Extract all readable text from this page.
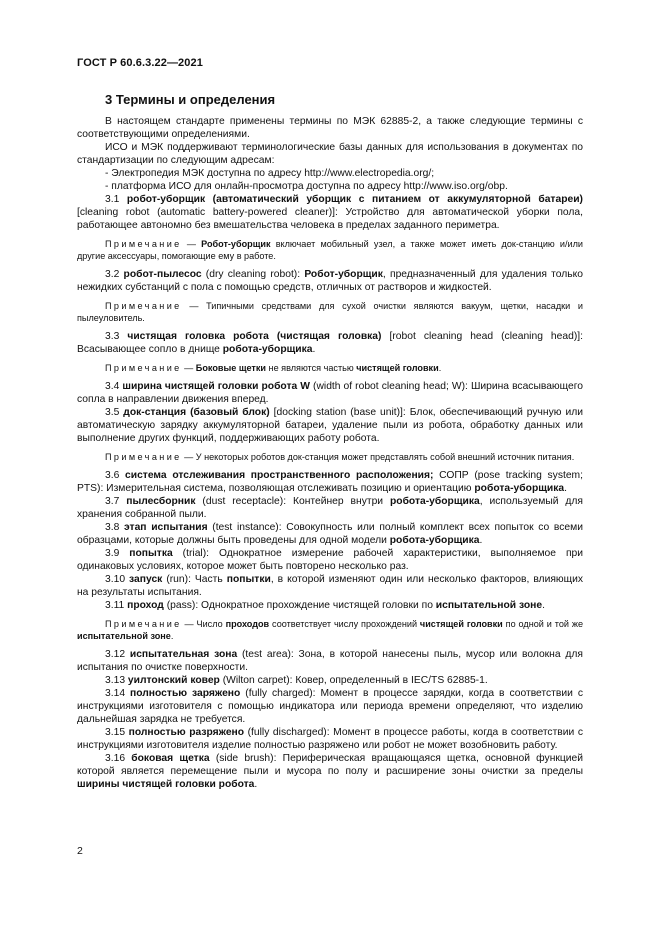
ГОСТ Р 60.6.3.22—2021
3 Термины и определения

В настоящем стандарте применены термины по МЭК 62885-2, а также следующие термины с соответствующими определениями.

ИСО и МЭК поддерживают терминологические базы данных для использования в документах по стандартизации по следующим адресам:

- Электропедия МЭК доступна по адресу http://www.electropedia.org/;

- платформа ИСО для онлайн-просмотра доступна по адресу http://www.iso.org/obp.

3.1 робот-уборщик (автоматический уборщик с питанием от аккумуляторной батареи) [cleaning robot (automatic battery-powered cleaner)]: Устройство для автоматической уборки пола, работающее автономно без вмешательства человека в пределах заданного периметра.

Примечание — Робот-уборщик включает мобильный узел, а также может иметь док-станцию и/или другие аксессуары, помогающие ему в работе.

3.2 робот-пылесос (dry cleaning robot): Робот-уборщик, предназначенный для удаления только нежидких субстанций с пола с помощью средств, отличных от растворов и жидкостей.

Примечание — Типичными средствами для сухой очистки являются вакуум, щетки, насадки и пылеуловитель.

3.3 чистящая головка робота (чистящая головка) [robot cleaning head (cleaning head)]: Всасывающее сопло в днище робота-уборщика.

Примечание — Боковые щетки не являются частью чистящей головки.

3.4 ширина чистящей головки робота W (width of robot cleaning head; W): Ширина всасывающего сопла в направлении движения вперед.

3.5 док-станция (базовый блок) [docking station (base unit)]: Блок, обеспечивающий ручную или автоматическую зарядку аккумуляторной батареи, удаление пыли из робота, обработку данных или выполнение других функций, поддерживающих работу робота.

Примечание — У некоторых роботов док-станция может представлять собой внешний источник питания.

3.6 система отслеживания пространственного расположения; СОПР (pose tracking system; PTS): Измерительная система, позволяющая отслеживать позицию и ориентацию робота-уборщика.

3.7 пылесборник (dust receptacle): Контейнер внутри робота-уборщика, используемый для хранения собранной пыли.

3.8 этап испытания (test instance): Совокупность или полный комплект всех попыток со всеми образцами, которые должны быть проведены для одной модели робота-уборщика.

3.9 попытка (trial): Однократное измерение рабочей характеристики, выполняемое при одинаковых условиях, которое может быть повторено несколько раз.

3.10 запуск (run): Часть попытки, в которой изменяют один или несколько факторов, влияющих на результаты испытания.

3.11 проход (pass): Однократное прохождение чистящей головки по испытательной зоне.

Примечание — Число проходов соответствует числу прохождений чистящей головки по одной и той же испытательной зоне.

3.12 испытательная зона (test area): Зона, в которой нанесены пыль, мусор или волокна для испытания по очистке поверхности.

3.13 уилтонский ковер (Wilton carpet): Ковер, определенный в IEC/TS 62885-1.

3.14 полностью заряжено (fully charged): Момент в процессе зарядки, когда в соответствии с инструкциями изготовителя с помощью индикатора или периода времени определяют, что изделию дальнейшая зарядка не требуется.

3.15 полностью разряжено (fully discharged): Момент в процессе работы, когда в соответствии с инструкциями изготовителя изделие полностью разряжено или робот не может возобновить работу.

3.16 боковая щетка (side brush): Периферическая вращающаяся щетка, основной функцией которой является перемещение пыли и мусора по полу и расширение зоны очистки за пределы ширины чистящей головки робота.

2
